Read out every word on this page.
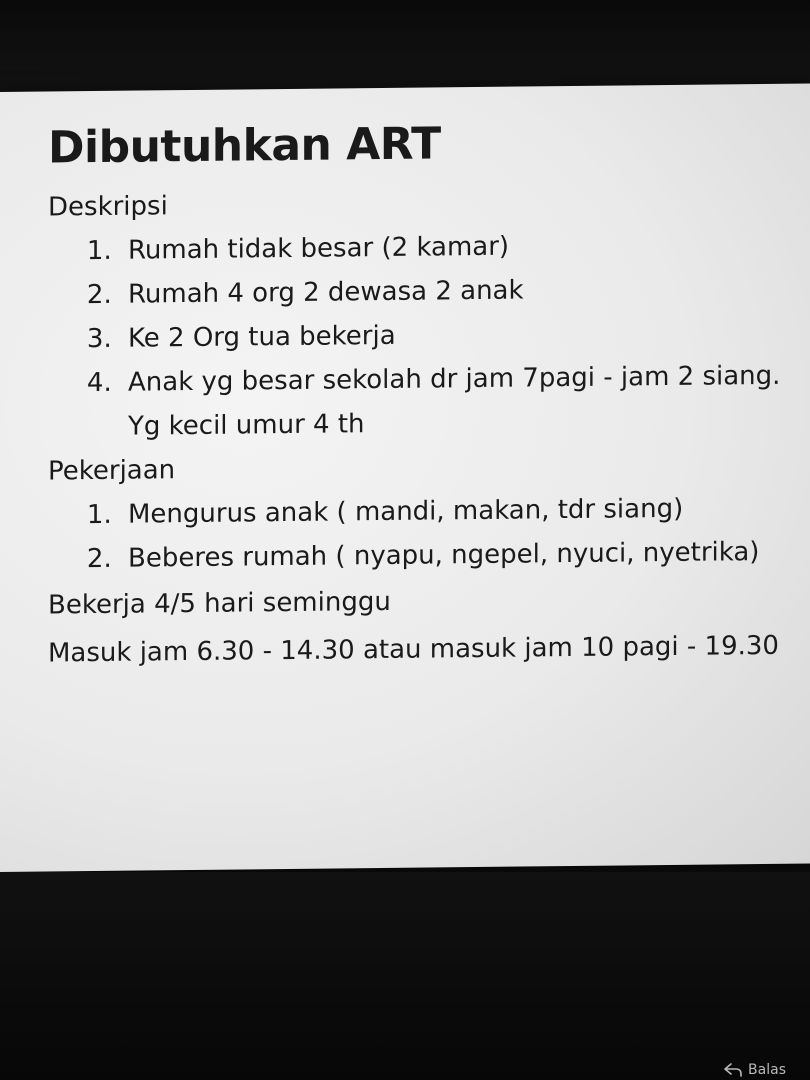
Dibutuhkan ART

Deskripsi

1. Rumah tidak besar (2 kamar)
2. Rumah 4 org 2 dewasa 2 anak
3. Ke 2 Org tua bekerja
4. Anak yg besar sekolah dr jam 7pagi - jam 2 siang. Yg kecil umur 4 th

Pekerjaan

1. Mengurus anak ( mandi, makan, tdr siang)
2. Beberes rumah ( nyapu, ngepel, nyuci, nyetrika)

Bekerja 4/5 hari seminggu

Masuk jam 6.30 - 14.30 atau masuk jam 10 pagi - 19.30

Balas
